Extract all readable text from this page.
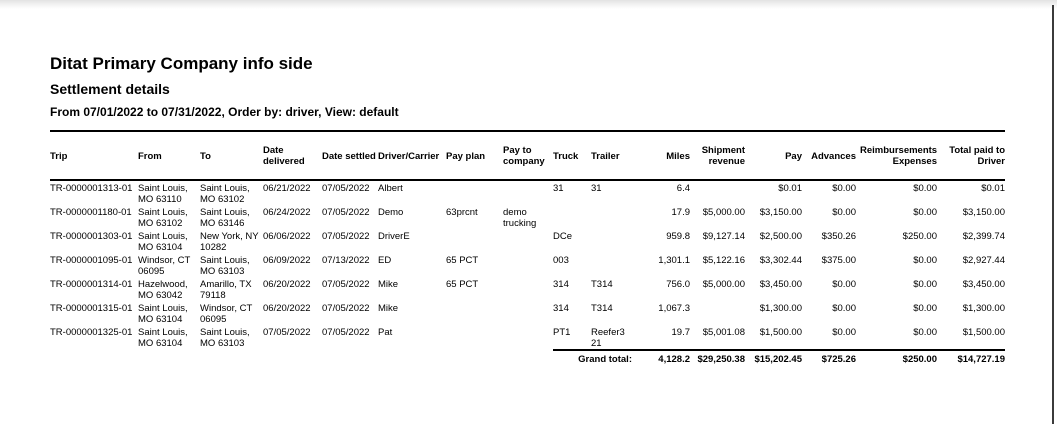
Ditat Primary Company info side
Settlement details

From 07/01/2022 to 07/31/2022, Order by: driver, View: default

Trip	From	To	Date delivered	Date settled	Driver/Carrier	Pay plan	Pay to company	Truck	Trailer	Miles	Shipment revenue	Pay	Advances	Reimbursements Expenses	Total paid to Driver
TR-0000001313-01	Saint Louis, MO 63110	Saint Louis, MO 63102	06/21/2022	07/05/2022	Albert			31	31	6.4		$0.01	$0.00	$0.00	$0.01
TR-0000001180-01	Saint Louis, MO 63102	Saint Louis, MO 63146	06/24/2022	07/05/2022	Demo	63prcnt	demo trucking			17.9	$5,000.00	$3,150.00	$0.00	$0.00	$3,150.00
TR-0000001303-01	Saint Louis, MO 63104	New York, NY 10282	06/06/2022	07/05/2022	DriverE			DCe		959.8	$9,127.14	$2,500.00	$350.26	$250.00	$2,399.74
TR-0000001095-01	Windsor, CT 06095	Saint Louis, MO 63103	06/09/2022	07/13/2022	ED	65 PCT		003		1,301.1	$5,122.16	$3,302.44	$375.00	$0.00	$2,927.44
TR-0000001314-01	Hazelwood, MO 63042	Amarillo, TX 79118	06/20/2022	07/05/2022	Mike	65 PCT		314	T314	756.0	$5,000.00	$3,450.00	$0.00	$0.00	$3,450.00
TR-0000001315-01	Saint Louis, MO 63104	Windsor, CT 06095	06/20/2022	07/05/2022	Mike			314	T314	1,067.3		$1,300.00	$0.00	$0.00	$1,300.00
TR-0000001325-01	Saint Louis, MO 63104	Saint Louis, MO 63103	07/05/2022	07/05/2022	Pat			PT1	Reefer3 21	19.7	$5,001.08	$1,500.00	$0.00	$0.00	$1,500.00
								Grand total:		4,128.2	$29,250.38	$15,202.45	$725.26	$250.00	$14,727.19
